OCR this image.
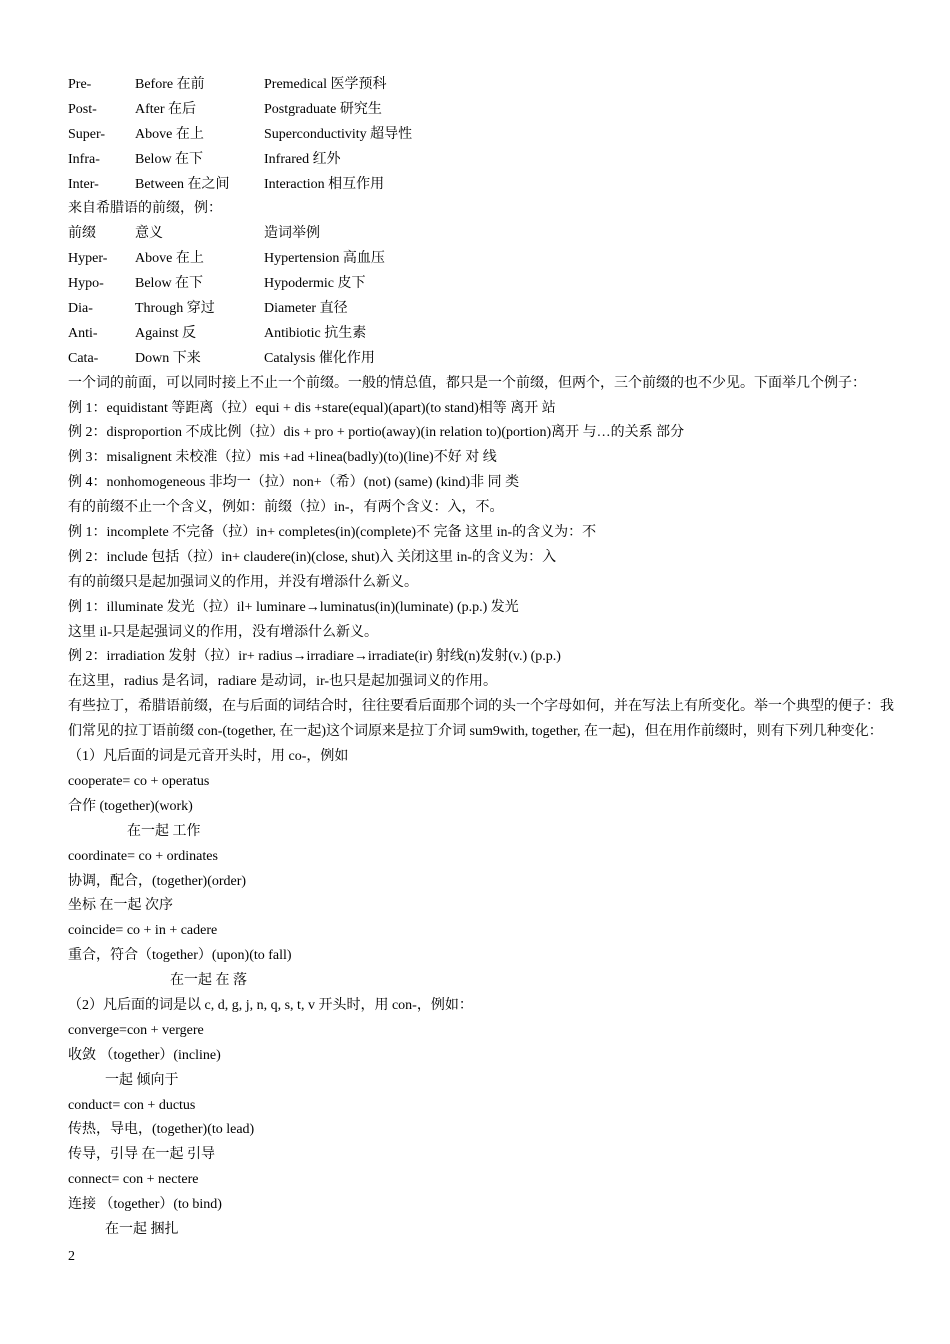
Pre-	Before 在前	Premedical 医学预科
Post-	After 在后	Postgraduate 研究生
Super- Above 在上	Superconductivity 超导性
Infra-	Below 在下	Infrared 红外
Inter-	Between 在之间 Interaction 相互作用
来自希腊语的前缀，例：
前缀	意义	造词举例
Hyper- Above 在上	Hypertension 高血压
Hypo- Below 在下	Hypodermic 皮下
Dia-	Through 穿过	Diameter 直径
Anti-	Against 反	Antibiotic 抗生素
Cata-	Down 下来	Catalysis 催化作用
一个词的前面，可以同时接上不止一个前缀。一般的情总值，都只是一个前缀，但两个，三个前缀的也不少见。下面举几个例子：
例 1：equidistant 等距离（拉）equi + dis +stare(equal)(apart)(to stand)相等 离开 站
例 2：disproportion 不成比例（拉）dis + pro + portio(away)(in relation to)(portion)离开 与…的关系 部分
例 3：misalignent 未校准（拉）mis +ad +linea(badly)(to)(line)不好 对 线
例 4：nonhomogeneous 非均一（拉）non+（希）(not) (same) (kind)非 同 类
有的前缀不止一个含义，例如：前缀（拉）in-，有两个含义：入，不。
例 1：incomplete 不完备（拉）in+ completes(in)(complete)不 完备 这里 in-的含义为：不
例 2：include 包括（拉）in+ claudere(in)(close, shut)入 关闭这里 in-的含义为：入
有的前缀只是起加强词义的作用，并没有增添什么新义。
例 1：illuminate 发光（拉）il+ luminare→luminatus(in)(luminate) (p.p.) 发光
这里 il-只是起强词义的作用，没有增添什么新义。
例 2：irradiation 发射（拉）ir+ radius→irradiare→irradiate(ir) 射线(n)发射(v.) (p.p.)
在这里，radius 是名词，radiare 是动词，ir-也只是起加强词义的作用。
有些拉丁，希腊语前缀，在与后面的词结合时，往往要看后面那个词的头一个字母如何，并在写法上有所变化。举一个典型的便子：我们常见的拉丁语前缀 con-(together, 在一起)这个词原来是拉丁介词 sum9with, together, 在一起)，但在用作前缀时，则有下列几种变化：
（1）凡后面的词是元音开头时，用 co-，例如
cooperate= co + operatus
合作 (together)(work)
在一起 工作
coordinate= co + ordinates
协调，配合，(together)(order)
坐标 在一起 次序
coincide= co + in + cadere
重合，符合（together）(upon)(to fall)
在一起 在 落
（2）凡后面的词是以 c, d, g, j, n, q, s, t, v 开头时，用 con-，例如：
converge=con + vergere
收敛 （together）(incline)
一起 倾向于
conduct= con + ductus
传热，导电，(together)(to lead)
传导，引导 在一起 引导
connect= con + nectere
连接 （together）(to bind)
在一起 捆扎
2
